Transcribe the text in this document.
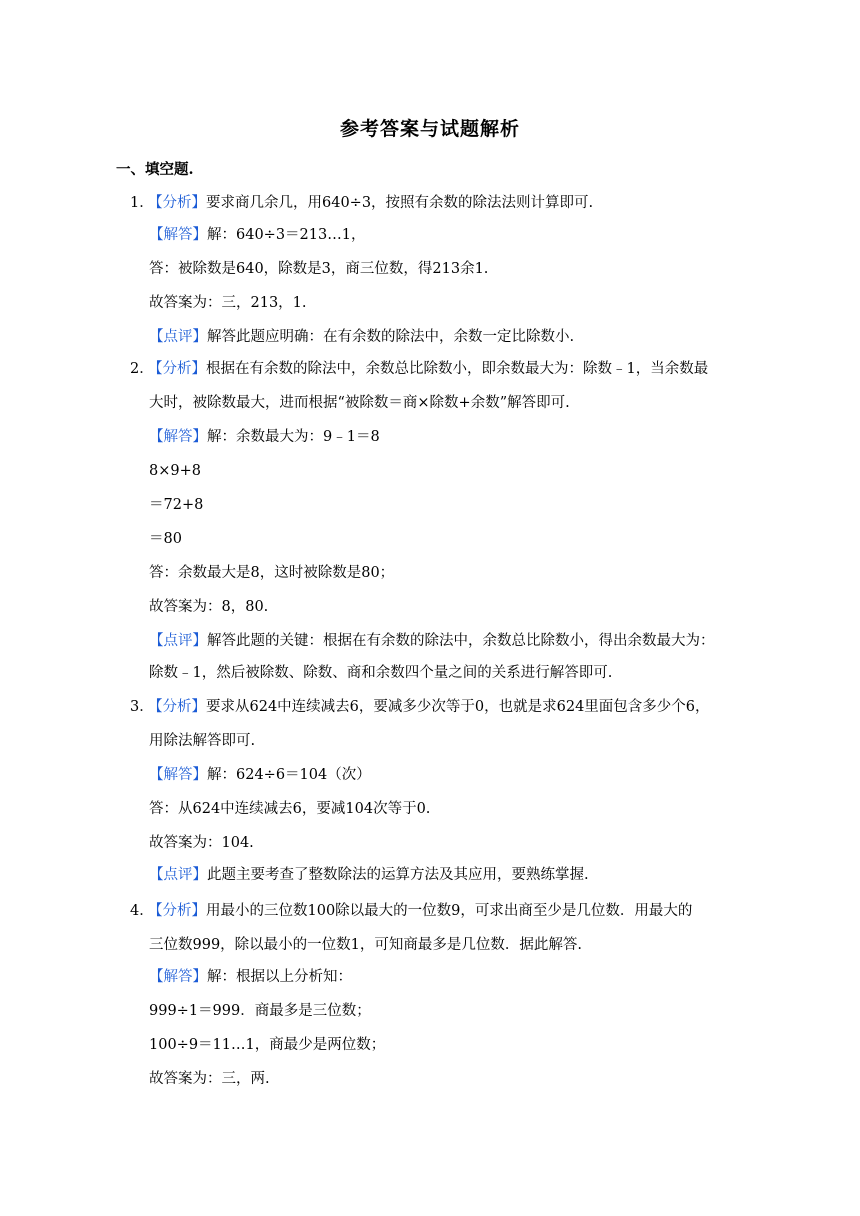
参考答案与试题解析
一、填空题.
1．
【分析】要求商几余几，用640÷3，按照有余数的除法法则计算即可.
【解答】解：640÷3＝213…1，
答：被除数是640，除数是3，商三位数，得213余1.
故答案为：三，213，1.
【点评】解答此题应明确：在有余数的除法中，余数一定比除数小.
2．
【分析】根据在有余数的除法中，余数总比除数小，即余数最大为：除数﹣1，当余数最
大时，被除数最大，进而根据“被除数＝商×除数+余数”解答即可.
【解答】解：余数最大为：9﹣1＝8
8×9+8
＝72+8
＝80
答：余数最大是8，这时被除数是80；
故答案为：8，80.
【点评】解答此题的关键：根据在有余数的除法中，余数总比除数小，得出余数最大为：
除数﹣1，然后被除数、除数、商和余数四个量之间的关系进行解答即可.
3．
【分析】要求从624中连续减去6，要减多少次等于0，也就是求624里面包含多少个6，
用除法解答即可.
【解答】解：624÷6＝104（次）
答：从624中连续减去6，要减104次等于0.
故答案为：104.
【点评】此题主要考查了整数除法的运算方法及其应用，要熟练掌握.
4．
【分析】用最小的三位数100除以最大的一位数9，可求出商至少是几位数．用最大的
三位数999，除以最小的一位数1，可知商最多是几位数．据此解答.
【解答】解：根据以上分析知：
999÷1＝999．商最多是三位数；
100÷9＝11…1，商最少是两位数；
故答案为：三，两.
